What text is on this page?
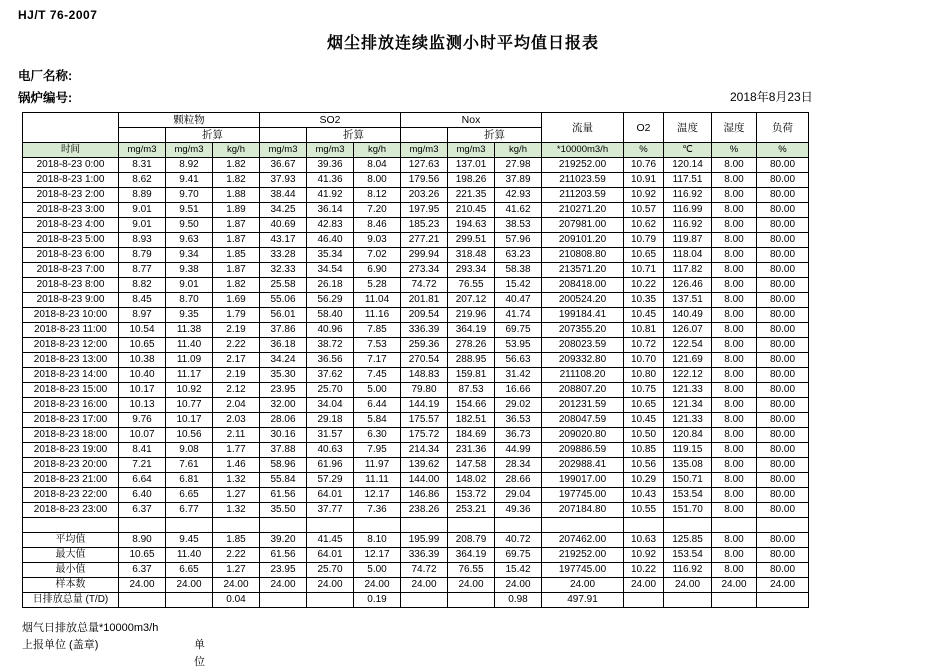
HJ/T 76-2007
烟尘排放连续监测小时平均值日报表
电厂名称:
锅炉编号:	2018年8月23日
	颗粒物			SO2			Nox			流量	O2	温度	湿度	负荷
		折算			折算			折算						
时间	mg/m3	mg/m3	kg/h	mg/m3	mg/m3	kg/h	mg/m3	mg/m3	kg/h	*10000m3/h	%	℃	%	%
2018-8-23 0:00	8.31	8.92	1.82	36.67	39.36	8.04	127.63	137.01	27.98	219252.00	10.76	120.14	8.00	80.00
2018-8-23 1:00	8.62	9.41	1.82	37.93	41.36	8.00	179.56	198.26	37.89	211023.59	10.91	117.51	8.00	80.00
2018-8-23 2:00	8.89	9.70	1.88	38.44	41.92	8.12	203.26	221.35	42.93	211203.59	10.92	116.92	8.00	80.00
2018-8-23 3:00	9.01	9.51	1.89	34.25	36.14	7.20	197.95	210.45	41.62	210271.20	10.57	116.99	8.00	80.00
2018-8-23 4:00	9.01	9.50	1.87	40.69	42.83	8.46	185.23	194.63	38.53	207981.00	10.62	116.92	8.00	80.00
2018-8-23 5:00	8.93	9.63	1.87	43.17	46.40	9.03	277.21	299.51	57.96	209101.20	10.79	119.87	8.00	80.00
2018-8-23 6:00	8.79	9.34	1.85	33.28	35.34	7.02	299.94	318.48	63.23	210808.80	10.65	118.04	8.00	80.00
2018-8-23 7:00	8.77	9.38	1.87	32.33	34.54	6.90	273.34	293.34	58.38	213571.20	10.71	117.82	8.00	80.00
2018-8-23 8:00	8.82	9.01	1.82	25.58	26.18	5.28	74.72	76.55	15.42	208418.00	10.22	126.46	8.00	80.00
2018-8-23 9:00	8.45	8.70	1.69	55.06	56.29	11.04	201.81	207.12	40.47	200524.20	10.35	137.51	8.00	80.00
2018-8-23 10:00	8.97	9.35	1.79	56.01	58.40	11.16	209.54	219.96	41.74	199184.41	10.45	140.49	8.00	80.00
2018-8-23 11:00	10.54	11.38	2.19	37.86	40.96	7.85	336.39	364.19	69.75	207355.20	10.81	126.07	8.00	80.00
2018-8-23 12:00	10.65	11.40	2.22	36.18	38.72	7.53	259.36	278.26	53.95	208023.59	10.72	122.54	8.00	80.00
2018-8-23 13:00	10.38	11.09	2.17	34.24	36.56	7.17	270.54	288.95	56.63	209332.80	10.70	121.69	8.00	80.00
2018-8-23 14:00	10.40	11.17	2.19	35.30	37.62	7.45	148.83	159.81	31.42	211108.20	10.80	122.12	8.00	80.00
2018-8-23 15:00	10.17	10.92	2.12	23.95	25.70	5.00	79.80	87.53	16.66	208807.20	10.75	121.33	8.00	80.00
2018-8-23 16:00	10.13	10.77	2.04	32.00	34.04	6.44	144.19	154.66	29.02	201231.59	10.65	121.34	8.00	80.00
2018-8-23 17:00	9.76	10.17	2.03	28.06	29.18	5.84	175.57	182.51	36.53	208047.59	10.45	121.33	8.00	80.00
2018-8-23 18:00	10.07	10.56	2.11	30.16	31.57	6.30	175.72	184.69	36.73	209020.80	10.50	120.84	8.00	80.00
2018-8-23 19:00	8.41	9.08	1.77	37.88	40.63	7.95	214.34	231.36	44.99	209886.59	10.85	119.15	8.00	80.00
2018-8-23 20:00	7.21	7.61	1.46	58.96	61.96	11.97	139.62	147.58	28.34	202988.41	10.56	135.08	8.00	80.00
2018-8-23 21:00	6.64	6.81	1.32	55.84	57.29	11.11	144.00	148.02	28.66	199017.00	10.29	150.71	8.00	80.00
2018-8-23 22:00	6.40	6.65	1.27	61.56	64.01	12.17	146.86	153.72	29.04	197745.00	10.43	153.54	8.00	80.00
2018-8-23 23:00	6.37	6.77	1.32	35.50	37.77	7.36	238.26	253.21	49.36	207184.80	10.55	151.70	8.00	80.00

平均值	8.90	9.45	1.85	39.20	41.45	8.10	195.99	208.79	40.72	207462.00	10.63	125.85	8.00	80.00
最大值	10.65	11.40	2.22	61.56	64.01	12.17	336.39	364.19	69.75	219252.00	10.92	153.54	8.00	80.00
最小值	6.37	6.65	1.27	23.95	25.70	5.00	74.72	76.55	15.42	197745.00	10.22	116.92	8.00	80.00
样本数	24.00	24.00	24.00	24.00	24.00	24.00	24.00	24.00	24.00	24.00	24.00	24.00	24.00	24.00
日排放总量 (T/D)			0.04			0.19			0.98	497.91				
烟气日排放总量*10000m3/h
上报单位 (盖章)	单位
